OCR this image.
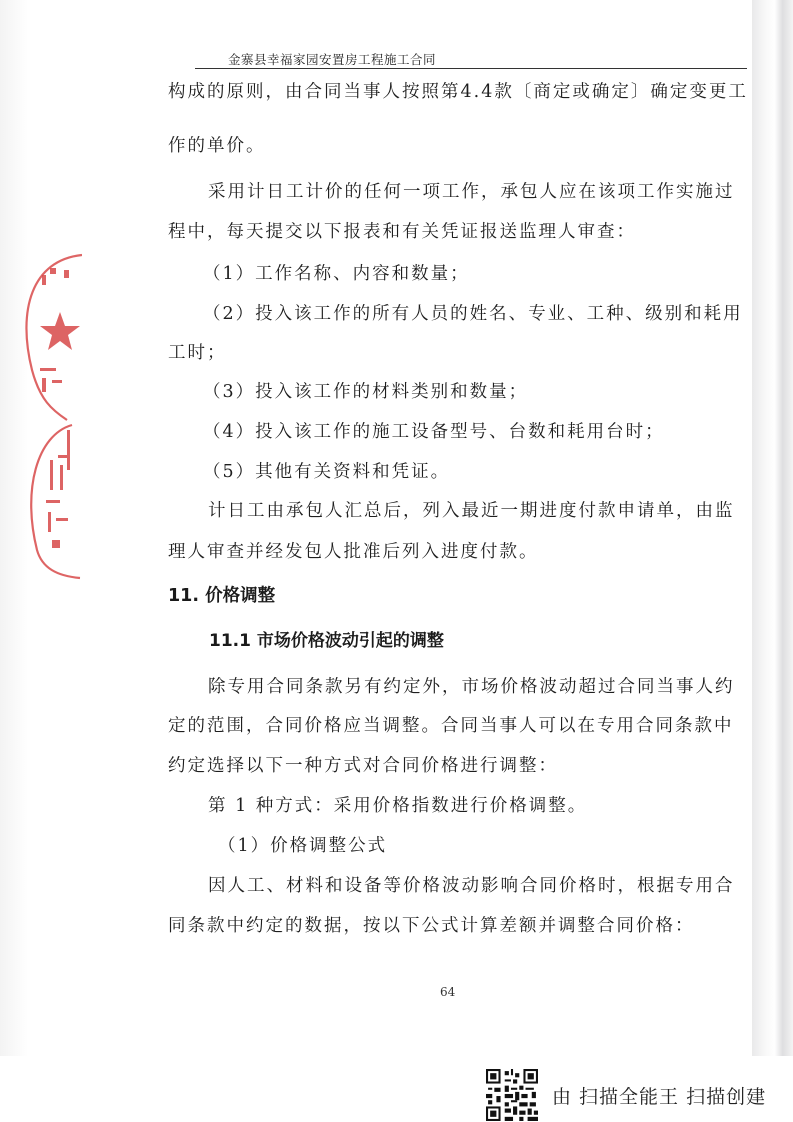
金寨县幸福家园安置房工程施工合同
构成的原则，由合同当事人按照第4.4款〔商定或确定〕确定变更工
作的单价。
采用计日工计价的任何一项工作，承包人应在该项工作实施过
程中，每天提交以下报表和有关凭证报送监理人审查：
（1）工作名称、内容和数量；
（2）投入该工作的所有人员的姓名、专业、工种、级别和耗用
工时；
（3）投入该工作的材料类别和数量；
（4）投入该工作的施工设备型号、台数和耗用台时；
（5）其他有关资料和凭证。
计日工由承包人汇总后，列入最近一期进度付款申请单，由监
理人审查并经发包人批准后列入进度付款。
11. 价格调整
11.1 市场价格波动引起的调整
除专用合同条款另有约定外，市场价格波动超过合同当事人约
定的范围，合同价格应当调整。合同当事人可以在专用合同条款中
约定选择以下一种方式对合同价格进行调整：
第 1 种方式：采用价格指数进行价格调整。
（1）价格调整公式
因人工、材料和设备等价格波动影响合同价格时，根据专用合
同条款中约定的数据，按以下公式计算差额并调整合同价格：
64
由 扫描全能王 扫描创建
